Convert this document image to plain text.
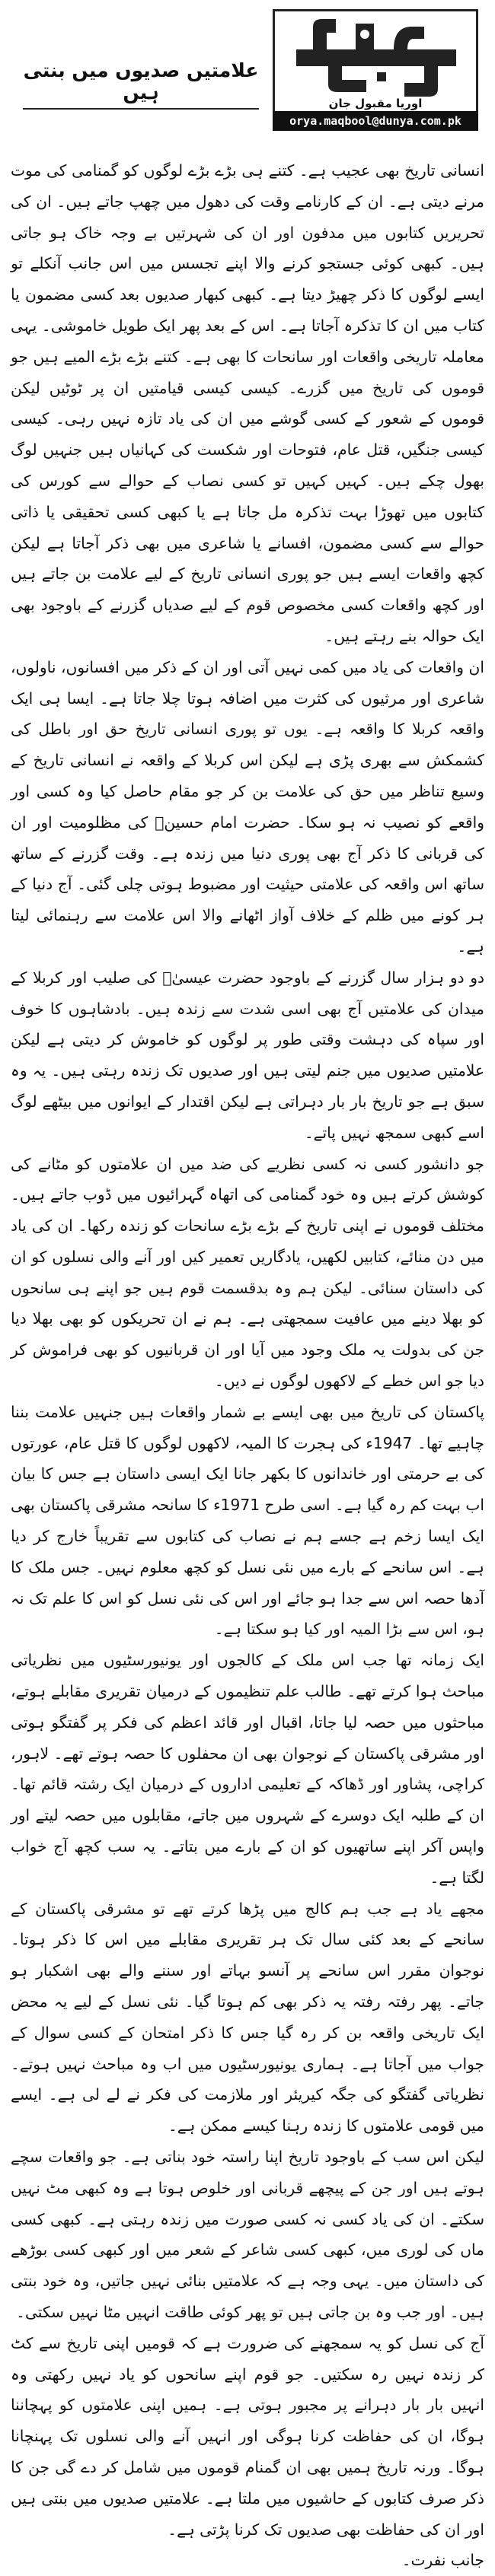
اوریا مقبول جان
orya.maqbool@dunya.com.pk
علامتیں صدیوں میں بنتی ہیں

انسانی تاریخ بھی عجیب ہے۔ کتنے ہی بڑے بڑے لوگوں کو گمنامی کی موت مرنے دیتی ہے۔ ان کے کارنامے وقت کی دھول میں چھپ جاتے ہیں۔ ان کی تحریریں کتابوں میں مدفون اور ان کی شہرتیں بے وجہ خاک ہو جاتی ہیں۔ کبھی کوئی جستجو کرنے والا اپنے تجسس میں اس جانب آنکلے تو ایسے لوگوں کا ذکر چھیڑ دیتا ہے۔ کبھی کبھار صدیوں بعد کسی مضمون یا کتاب میں ان کا تذکرہ آجاتا ہے۔ اس کے بعد پھر ایک طویل خاموشی۔ یہی معاملہ تاریخی واقعات اور سانحات کا بھی ہے۔ کتنے بڑے بڑے المیے ہیں جو قوموں کی تاریخ میں گزرے۔ کیسی کیسی قیامتیں ان پر ٹوٹیں لیکن قوموں کے شعور کے کسی گوشے میں ان کی یاد تازہ نہیں رہی۔ کیسی کیسی جنگیں، قتل عام، فتوحات اور شکست کی کہانیاں ہیں جنہیں لوگ بھول چکے ہیں۔ کہیں کہیں تو کسی نصاب کے حوالے سے کورس کی کتابوں میں تھوڑا بہت تذکرہ مل جاتا ہے یا کبھی کسی تحقیقی یا ذاتی حوالے سے کسی مضمون، افسانے یا شاعری میں بھی ذکر آجاتا ہے لیکن کچھ واقعات ایسے ہیں جو پوری انسانی تاریخ کے لیے علامت بن جاتے ہیں اور کچھ واقعات کسی مخصوص قوم کے لیے صدیاں گزرنے کے باوجود بھی ایک حوالہ بنے رہتے ہیں۔

ان واقعات کی یاد میں کمی نہیں آتی اور ان کے ذکر میں افسانوں، ناولوں، شاعری اور مرثیوں کی کثرت میں اضافہ ہوتا چلا جاتا ہے۔ ایسا ہی ایک واقعہ کربلا کا واقعہ ہے۔ یوں تو پوری انسانی تاریخ حق اور باطل کی کشمکش سے بھری پڑی ہے لیکن اس کربلا کے واقعہ نے انسانی تاریخ کے وسیع تناظر میں حق کی علامت بن کر جو مقام حاصل کیا وہ کسی اور واقعے کو نصیب نہ ہو سکا۔ حضرت امام حسینؓ کی مظلومیت اور ان کی قربانی کا ذکر آج بھی پوری دنیا میں زندہ ہے۔ وقت گزرنے کے ساتھ ساتھ اس واقعہ کی علامتی حیثیت اور مضبوط ہوتی چلی گئی۔ آج دنیا کے ہر کونے میں ظلم کے خلاف آواز اٹھانے والا اس علامت سے رہنمائی لیتا ہے۔

دو دو ہزار سال گزرنے کے باوجود حضرت عیسیٰؑ کی صلیب اور کربلا کے میدان کی علامتیں آج بھی اسی شدت سے زندہ ہیں۔ بادشاہوں کا خوف اور سپاہ کی دہشت وقتی طور پر لوگوں کو خاموش کر دیتی ہے لیکن علامتیں صدیوں میں جنم لیتی ہیں اور صدیوں تک زندہ رہتی ہیں۔ یہ وہ سبق ہے جو تاریخ بار بار دہراتی ہے لیکن اقتدار کے ایوانوں میں بیٹھے لوگ اسے کبھی سمجھ نہیں پاتے۔

جو دانشور کسی نہ کسی نظریے کی ضد میں ان علامتوں کو مٹانے کی کوشش کرتے ہیں وہ خود گمنامی کی اتھاہ گہرائیوں میں ڈوب جاتے ہیں۔ مختلف قوموں نے اپنی تاریخ کے بڑے بڑے سانحات کو زندہ رکھا۔ ان کی یاد میں دن منائے، کتابیں لکھیں، یادگاریں تعمیر کیں اور آنے والی نسلوں کو ان کی داستان سنائی۔ لیکن ہم وہ بدقسمت قوم ہیں جو اپنے ہی سانحوں کو بھلا دینے میں عافیت سمجھتی ہے۔ ہم نے ان تحریکوں کو بھی بھلا دیا جن کی بدولت یہ ملک وجود میں آیا اور ان قربانیوں کو بھی فراموش کر دیا جو اس خطے کے لاکھوں لوگوں نے دیں۔

پاکستان کی تاریخ میں بھی ایسے بے شمار واقعات ہیں جنہیں علامت بننا چاہیے تھا۔ 1947ء کی ہجرت کا المیہ، لاکھوں لوگوں کا قتل عام، عورتوں کی بے حرمتی اور خاندانوں کا بکھر جانا ایک ایسی داستان ہے جس کا بیان اب بہت کم رہ گیا ہے۔ اسی طرح 1971ء کا سانحہ مشرقی پاکستان بھی ایک ایسا زخم ہے جسے ہم نے نصاب کی کتابوں سے تقریباً خارج کر دیا ہے۔ اس سانحے کے بارے میں نئی نسل کو کچھ معلوم نہیں۔ جس ملک کا آدھا حصہ اس سے جدا ہو جائے اور اس کی نئی نسل کو اس کا علم تک نہ ہو، اس سے بڑا المیہ اور کیا ہو سکتا ہے۔

ایک زمانہ تھا جب اس ملک کے کالجوں اور یونیورسٹیوں میں نظریاتی مباحث ہوا کرتے تھے۔ طالب علم تنظیموں کے درمیان تقریری مقابلے ہوتے، مباحثوں میں حصہ لیا جاتا، اقبال اور قائد اعظم کی فکر پر گفتگو ہوتی اور مشرقی پاکستان کے نوجوان بھی ان محفلوں کا حصہ ہوتے تھے۔ لاہور، کراچی، پشاور اور ڈھاکہ کے تعلیمی اداروں کے درمیان ایک رشتہ قائم تھا۔ ان کے طلبہ ایک دوسرے کے شہروں میں جاتے، مقابلوں میں حصہ لیتے اور واپس آکر اپنے ساتھیوں کو ان کے بارے میں بتاتے۔ یہ سب کچھ آج خواب لگتا ہے۔

مجھے یاد ہے جب ہم کالج میں پڑھا کرتے تھے تو مشرقی پاکستان کے سانحے کے بعد کئی سال تک ہر تقریری مقابلے میں اس کا ذکر ہوتا۔ نوجوان مقرر اس سانحے پر آنسو بہاتے اور سننے والے بھی اشکبار ہو جاتے۔ پھر رفتہ رفتہ یہ ذکر بھی کم ہوتا گیا۔ نئی نسل کے لیے یہ محض ایک تاریخی واقعہ بن کر رہ گیا جس کا ذکر امتحان کے کسی سوال کے جواب میں آجاتا ہے۔ ہماری یونیورسٹیوں میں اب وہ مباحث نہیں ہوتے۔ نظریاتی گفتگو کی جگہ کیریئر اور ملازمت کی فکر نے لے لی ہے۔ ایسے میں قومی علامتوں کا زندہ رہنا کیسے ممکن ہے۔

لیکن اس سب کے باوجود تاریخ اپنا راستہ خود بناتی ہے۔ جو واقعات سچے ہوتے ہیں اور جن کے پیچھے قربانی اور خلوص ہوتا ہے وہ کبھی مٹ نہیں سکتے۔ ان کی یاد کسی نہ کسی صورت میں زندہ رہتی ہے۔ کبھی کسی ماں کی لوری میں، کبھی کسی شاعر کے شعر میں اور کبھی کسی بوڑھے کی داستان میں۔ یہی وجہ ہے کہ علامتیں بنائی نہیں جاتیں، وہ خود بنتی ہیں۔ اور جب وہ بن جاتی ہیں تو پھر کوئی طاقت انہیں مٹا نہیں سکتی۔

آج کی نسل کو یہ سمجھنے کی ضرورت ہے کہ قومیں اپنی تاریخ سے کٹ کر زندہ نہیں رہ سکتیں۔ جو قوم اپنے سانحوں کو یاد نہیں رکھتی وہ انہیں بار بار دہرانے پر مجبور ہوتی ہے۔ ہمیں اپنی علامتوں کو پہچاننا ہوگا، ان کی حفاظت کرنا ہوگی اور انہیں آنے والی نسلوں تک پہنچانا ہوگا۔ ورنہ تاریخ ہمیں بھی ان گمنام قوموں میں شامل کر دے گی جن کا ذکر صرف کتابوں کے حاشیوں میں ملتا ہے۔ علامتیں صدیوں میں بنتی ہیں اور ان کی حفاظت بھی صدیوں تک کرنا پڑتی ہے۔

جانب نفرت۔
